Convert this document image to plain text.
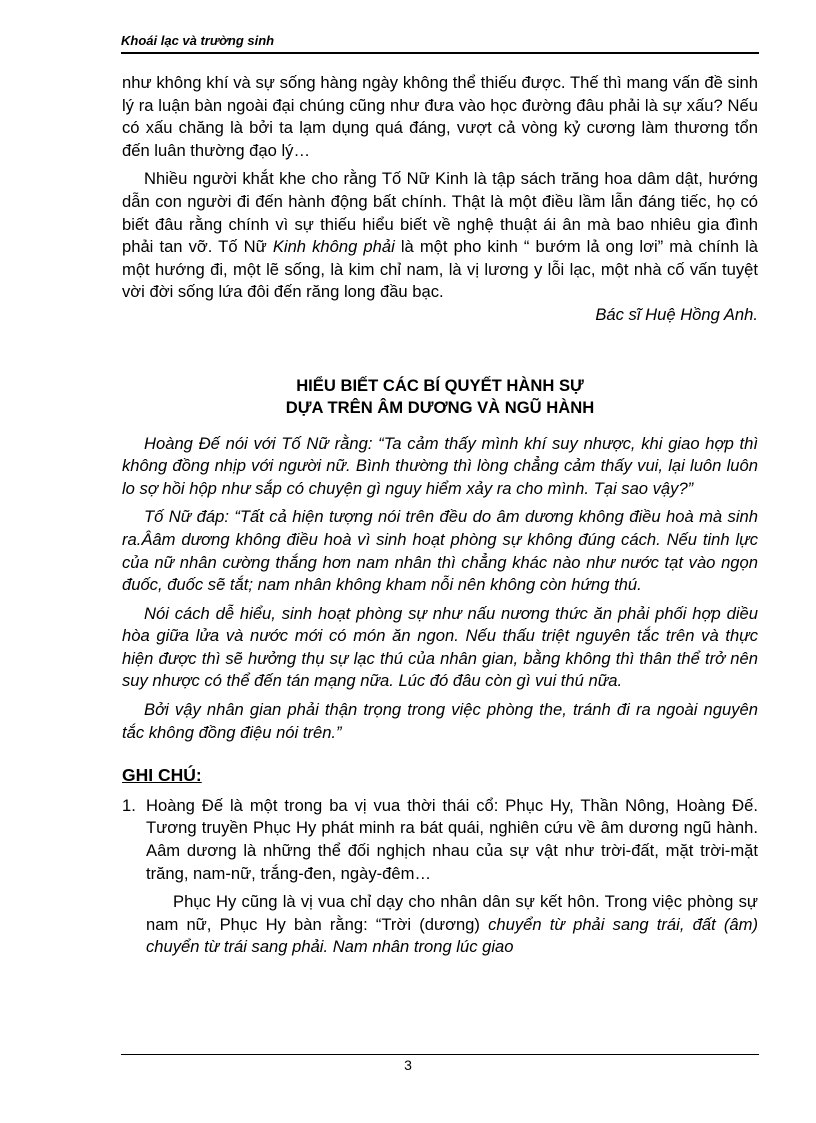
Khoái lạc và trường sinh

như không khí và sự sống hàng ngày không thể thiếu được. Thế thì mang vấn đề sinh lý ra luận bàn ngoài đại chúng cũng như đưa vào học đường đâu phải là sự xấu? Nếu có xấu chăng là bởi ta lạm dụng quá đáng, vượt cả vòng kỷ cương làm thương tổn đến luân thường đạo lý…

Nhiều người khắt khe cho rằng Tố Nữ Kinh là tập sách trăng hoa dâm dật, hướng dẫn con người đi đến hành động bất chính. Thật là một điều lầm lẫn đáng tiếc, họ có biết đâu rằng chính vì sự thiếu hiểu biết về nghệ thuật ái ân mà bao nhiêu gia đình phải tan vỡ. Tố Nữ Kinh không phải là một pho kinh “ bướm lả ong lơi” mà chính là một hướng đi, một lẽ sống, là kim chỉ nam, là vị lương y lỗi lạc, một nhà cố vấn tuyệt vời đời sống lứa đôi đến răng long đầu bạc.

Bác sĩ Huệ Hồng Anh.

HIỂU BIẾT CÁC BÍ QUYẾT HÀNH SỰ
DỰA TRÊN ÂM DƯƠNG VÀ NGŨ HÀNH

Hoàng Đế nói với Tố Nữ rằng: “Ta cảm thấy mình khí suy nhược, khi giao hợp thì không đồng nhịp với người nữ. Bình thường thì lòng chẳng cảm thấy vui, lại luôn luôn lo sợ hồi hộp như sắp có chuyện gì nguy hiểm xảy ra cho mình. Tại sao vậy?”

Tố Nữ đáp: “Tất cả hiện tượng nói trên đều do âm dương không điều hoà mà sinh ra.Ââm dương không điều hoà vì sinh hoạt phòng sự không đúng cách. Nếu tinh lực của nữ nhân cường thắng hơn nam nhân thì chẳng khác nào như nước tạt vào ngọn đuốc, đuốc sẽ tắt; nam nhân không kham nỗi nên không còn hứng thú.

Nói cách dễ hiểu, sinh hoạt phòng sự như nấu nương thức ăn phải phối hợp diều hòa giữa lửa và nước mới có món ăn ngon. Nếu thấu triệt nguyên tắc trên và thực hiện được thì sẽ hưởng thụ sự lạc thú của nhân gian, bằng không thì thân thể trở nên suy nhược có thể đến tán mạng nữa. Lúc đó đâu còn gì vui thú nữa.

Bởi vậy nhân gian phải thận trọng trong việc phòng the, tránh đi ra ngoài nguyên tắc không đồng điệu nói trên.”

GHI CHÚ:
1. Hoàng Đế là một trong ba vị vua thời thái cổ: Phục Hy, Thần Nông, Hoàng Đế. Tương truyền Phục Hy phát minh ra bát quái, nghiên cứu về âm dương ngũ hành. Aâm dương là những thể đối nghịch nhau của sự vật như trời-đất, mặt trời-mặt trăng, nam-nữ, trắng-đen, ngày-đêm…

Phục Hy cũng là vị vua chỉ dạy cho nhân dân sự kết hôn. Trong việc phòng sự nam nữ, Phục Hy bàn rằng: “Trời (dương) chuyển từ phải sang trái, đất (âm) chuyển từ trái sang phải. Nam nhân trong lúc giao

3
